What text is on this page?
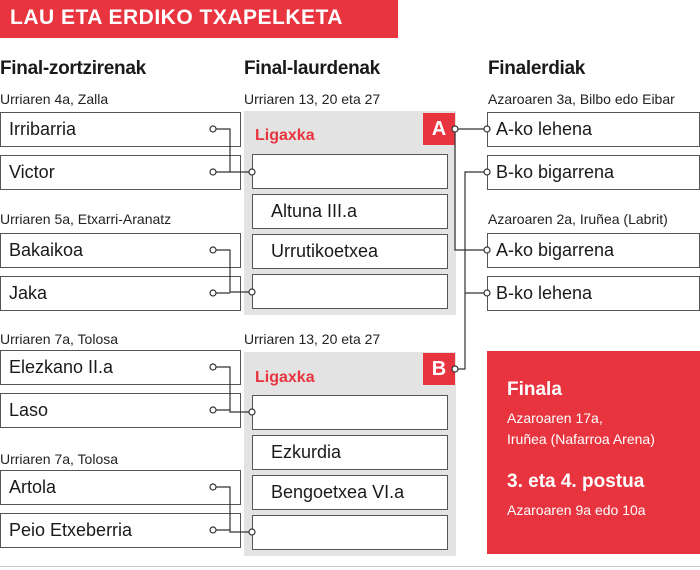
LAU ETA ERDIKO TXAPELKETA
Final-zortzirenak	Final-laurdenak	Finalerdiak
Urriaren 4a, Zalla
Urriaren 5a, Etxarri-Aranatz
Urriaren 7a, Tolosa
Urriaren 7a, Tolosa
Irribarria
Victor
Bakaikoa
Jaka
Elezkano II.a
Laso
Artola
Peio Etxeberria
Urriaren 13, 20 eta 27
Ligaxka	A
Altuna III.a
Urrutikoetxea
Urriaren 13, 20 eta 27
Ligaxka	B
Ezkurdia
Bengoetxea VI.a
Azaroaren 3a, Bilbo edo Eibar
A-ko lehena
B-ko bigarrena
Azaroaren 2a, Iruñea (Labrit)
A-ko bigarrena
B-ko lehena
Finala
Azaroaren 17a,
Iruñea (Nafarroa Arena)
3. eta 4. postua
Azaroaren 9a edo 10a
